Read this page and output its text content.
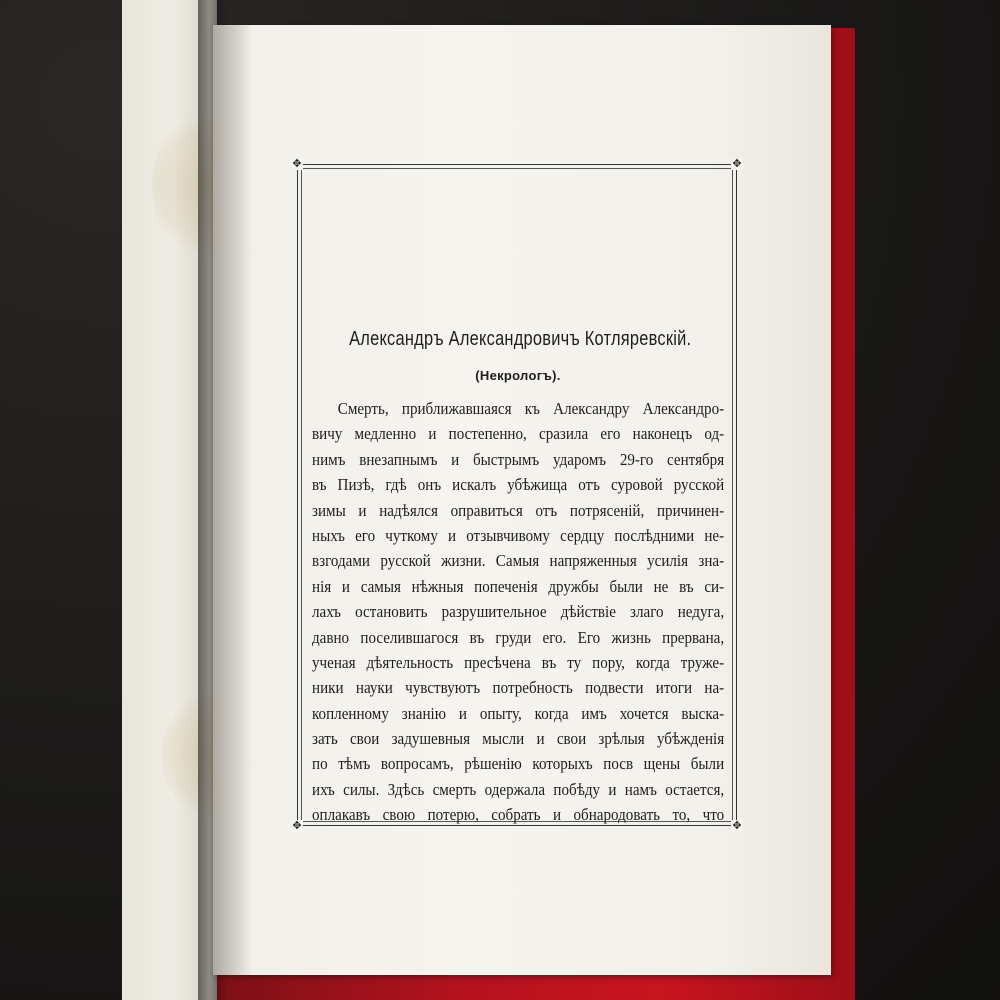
✥	✥
✥	✥
Александръ Александровичъ Котляревскій.
(Некрологъ).
Смерть, приближавшаяся къ Александру Александро-
вичу медленно и постепенно, сразила его наконецъ од-
нимъ внезапнымъ и быстрымъ ударомъ 29-го сентября
въ Пизѣ, гдѣ онъ искалъ убѣжища отъ суровой русской
зимы и надѣялся оправиться отъ потрясеній, причинен-
ныхъ его чуткому и отзывчивому сердцу послѣдними не-
взгодами русской жизни. Самыя напряженныя усилія зна-
нія и самыя нѣжныя попеченія дружбы были не въ си-
лахъ остановить разрушительное дѣйствіе злаго недуга,
давно поселившагося въ груди его. Его жизнь прервана,
ученая дѣятельность пресѣчена въ ту пору, когда труже-
ники науки чувствуютъ потребность подвести итоги на-
копленному знанію и опыту, когда имъ хочется выска-
зать свои задушевныя мысли и свои зрѣлыя убѣжденія
по тѣмъ вопросамъ, рѣшенію которыхъ посв щены были
ихъ силы. Здѣсь смерть одержала побѣду и намъ остается,
оплакавъ свою потерю, собрать и обнародовать то, что
